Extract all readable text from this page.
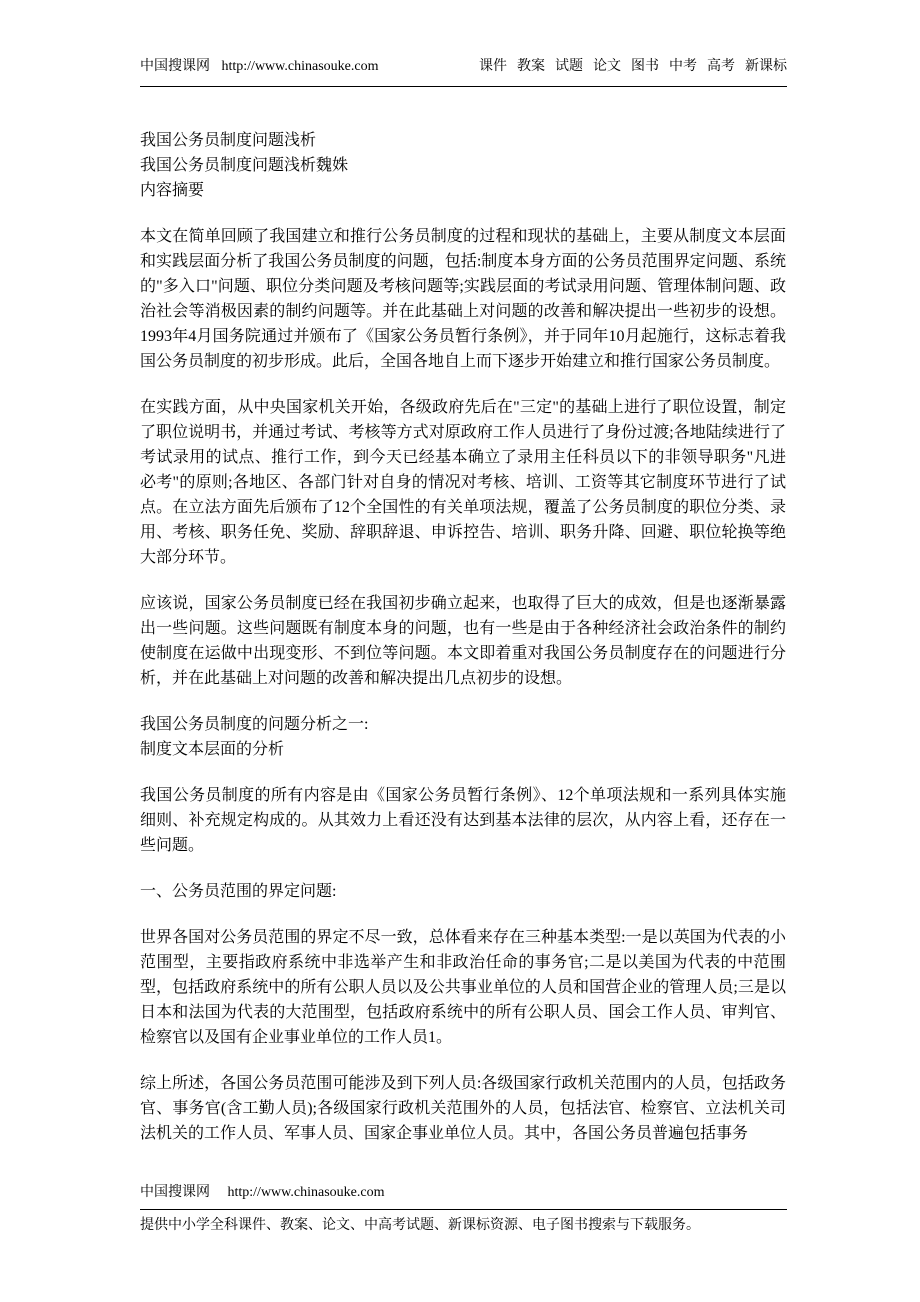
中国搜课网 http://www.chinasouke.com	课件 教案 试题 论文 图书 中考 高考 新课标

我国公务员制度问题浅析

我国公务员制度问题浅析魏姝

内容摘要

本文在简单回顾了我国建立和推行公务员制度的过程和现状的基础上，主要从制度文本层面和实践层面分析了我国公务员制度的问题，包括:制度本身方面的公务员范围界定问题、系统的"多入口"问题、职位分类问题及考核问题等;实践层面的考试录用问题、管理体制问题、政治社会等消极因素的制约问题等。并在此基础上对问题的改善和解决提出一些初步的设想。1993年4月国务院通过并颁布了《国家公务员暂行条例》，并于同年10月起施行，这标志着我国公务员制度的初步形成。此后，全国各地自上而下逐步开始建立和推行国家公务员制度。

在实践方面，从中央国家机关开始，各级政府先后在"三定"的基础上进行了职位设置，制定了职位说明书，并通过考试、考核等方式对原政府工作人员进行了身份过渡;各地陆续进行了考试录用的试点、推行工作，到今天已经基本确立了录用主任科员以下的非领导职务"凡进必考"的原则;各地区、各部门针对自身的情况对考核、培训、工资等其它制度环节进行了试点。在立法方面先后颁布了12个全国性的有关单项法规，覆盖了公务员制度的职位分类、录用、考核、职务任免、奖励、辞职辞退、申诉控告、培训、职务升降、回避、职位轮换等绝大部分环节。

应该说，国家公务员制度已经在我国初步确立起来，也取得了巨大的成效，但是也逐渐暴露出一些问题。这些问题既有制度本身的问题，也有一些是由于各种经济社会政治条件的制约使制度在运做中出现变形、不到位等问题。本文即着重对我国公务员制度存在的问题进行分析，并在此基础上对问题的改善和解决提出几点初步的设想。

我国公务员制度的问题分析之一:

制度文本层面的分析

我国公务员制度的所有内容是由《国家公务员暂行条例》、12个单项法规和一系列具体实施细则、补充规定构成的。从其效力上看还没有达到基本法律的层次，从内容上看，还存在一些问题。

一、公务员范围的界定问题:

世界各国对公务员范围的界定不尽一致，总体看来存在三种基本类型:一是以英国为代表的小范围型，主要指政府系统中非选举产生和非政治任命的事务官;二是以美国为代表的中范围型，包括政府系统中的所有公职人员以及公共事业单位的人员和国营企业的管理人员;三是以日本和法国为代表的大范围型，包括政府系统中的所有公职人员、国会工作人员、审判官、检察官以及国有企业事业单位的工作人员1。

综上所述，各国公务员范围可能涉及到下列人员:各级国家行政机关范围内的人员，包括政务官、事务官(含工勤人员);各级国家行政机关范围外的人员，包括法官、检察官、立法机关司法机关的工作人员、军事人员、国家企事业单位人员。其中，各国公务员普遍包括事务

中国搜课网 http://www.chinasouke.com
提供中小学全科课件、教案、论文、中高考试题、新课标资源、电子图书搜索与下载服务。
